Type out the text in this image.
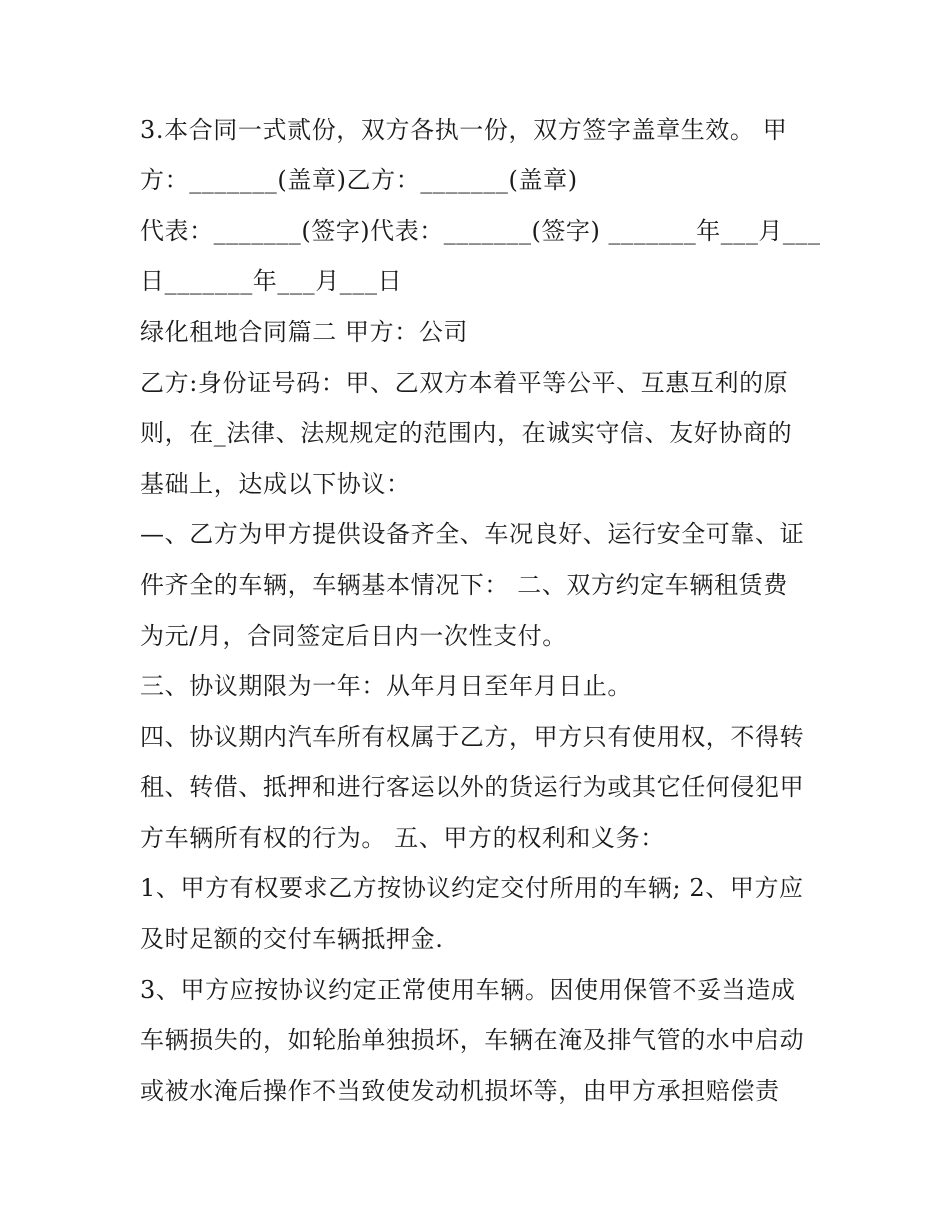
3.本合同一式贰份，双方各执一份，双方签字盖章生效。 甲
方：_______(盖章)乙方：_______(盖章)
代表：_______(签字)代表：_______(签字) _______年___月___
日_______年___月___日
绿化租地合同篇二 甲方：公司
乙方:身份证号码：甲、乙双方本着平等公平、互惠互利的原
则，在_法律、法规规定的范围内，在诚实守信、友好协商的
基础上，达成以下协议：
—、乙方为甲方提供设备齐全、车况良好、运行安全可靠、证
件齐全的车辆，车辆基本情况下： 二、双方约定车辆租赁费
为元/月，合同签定后日内一次性支付。
三、协议期限为一年：从年月日至年月日止。
四、协议期内汽车所有权属于乙方，甲方只有使用权，不得转
租、转借、抵押和进行客运以外的货运行为或其它任何侵犯甲
方车辆所有权的行为。 五、甲方的权利和义务：
1、甲方有权要求乙方按协议约定交付所用的车辆; 2、甲方应
及时足额的交付车辆抵押金.
3、甲方应按协议约定正常使用车辆。因使用保管不妥当造成
车辆损失的，如轮胎单独损坏，车辆在淹及排气管的水中启动
或被水淹后操作不当致使发动机损坏等，由甲方承担赔偿责
